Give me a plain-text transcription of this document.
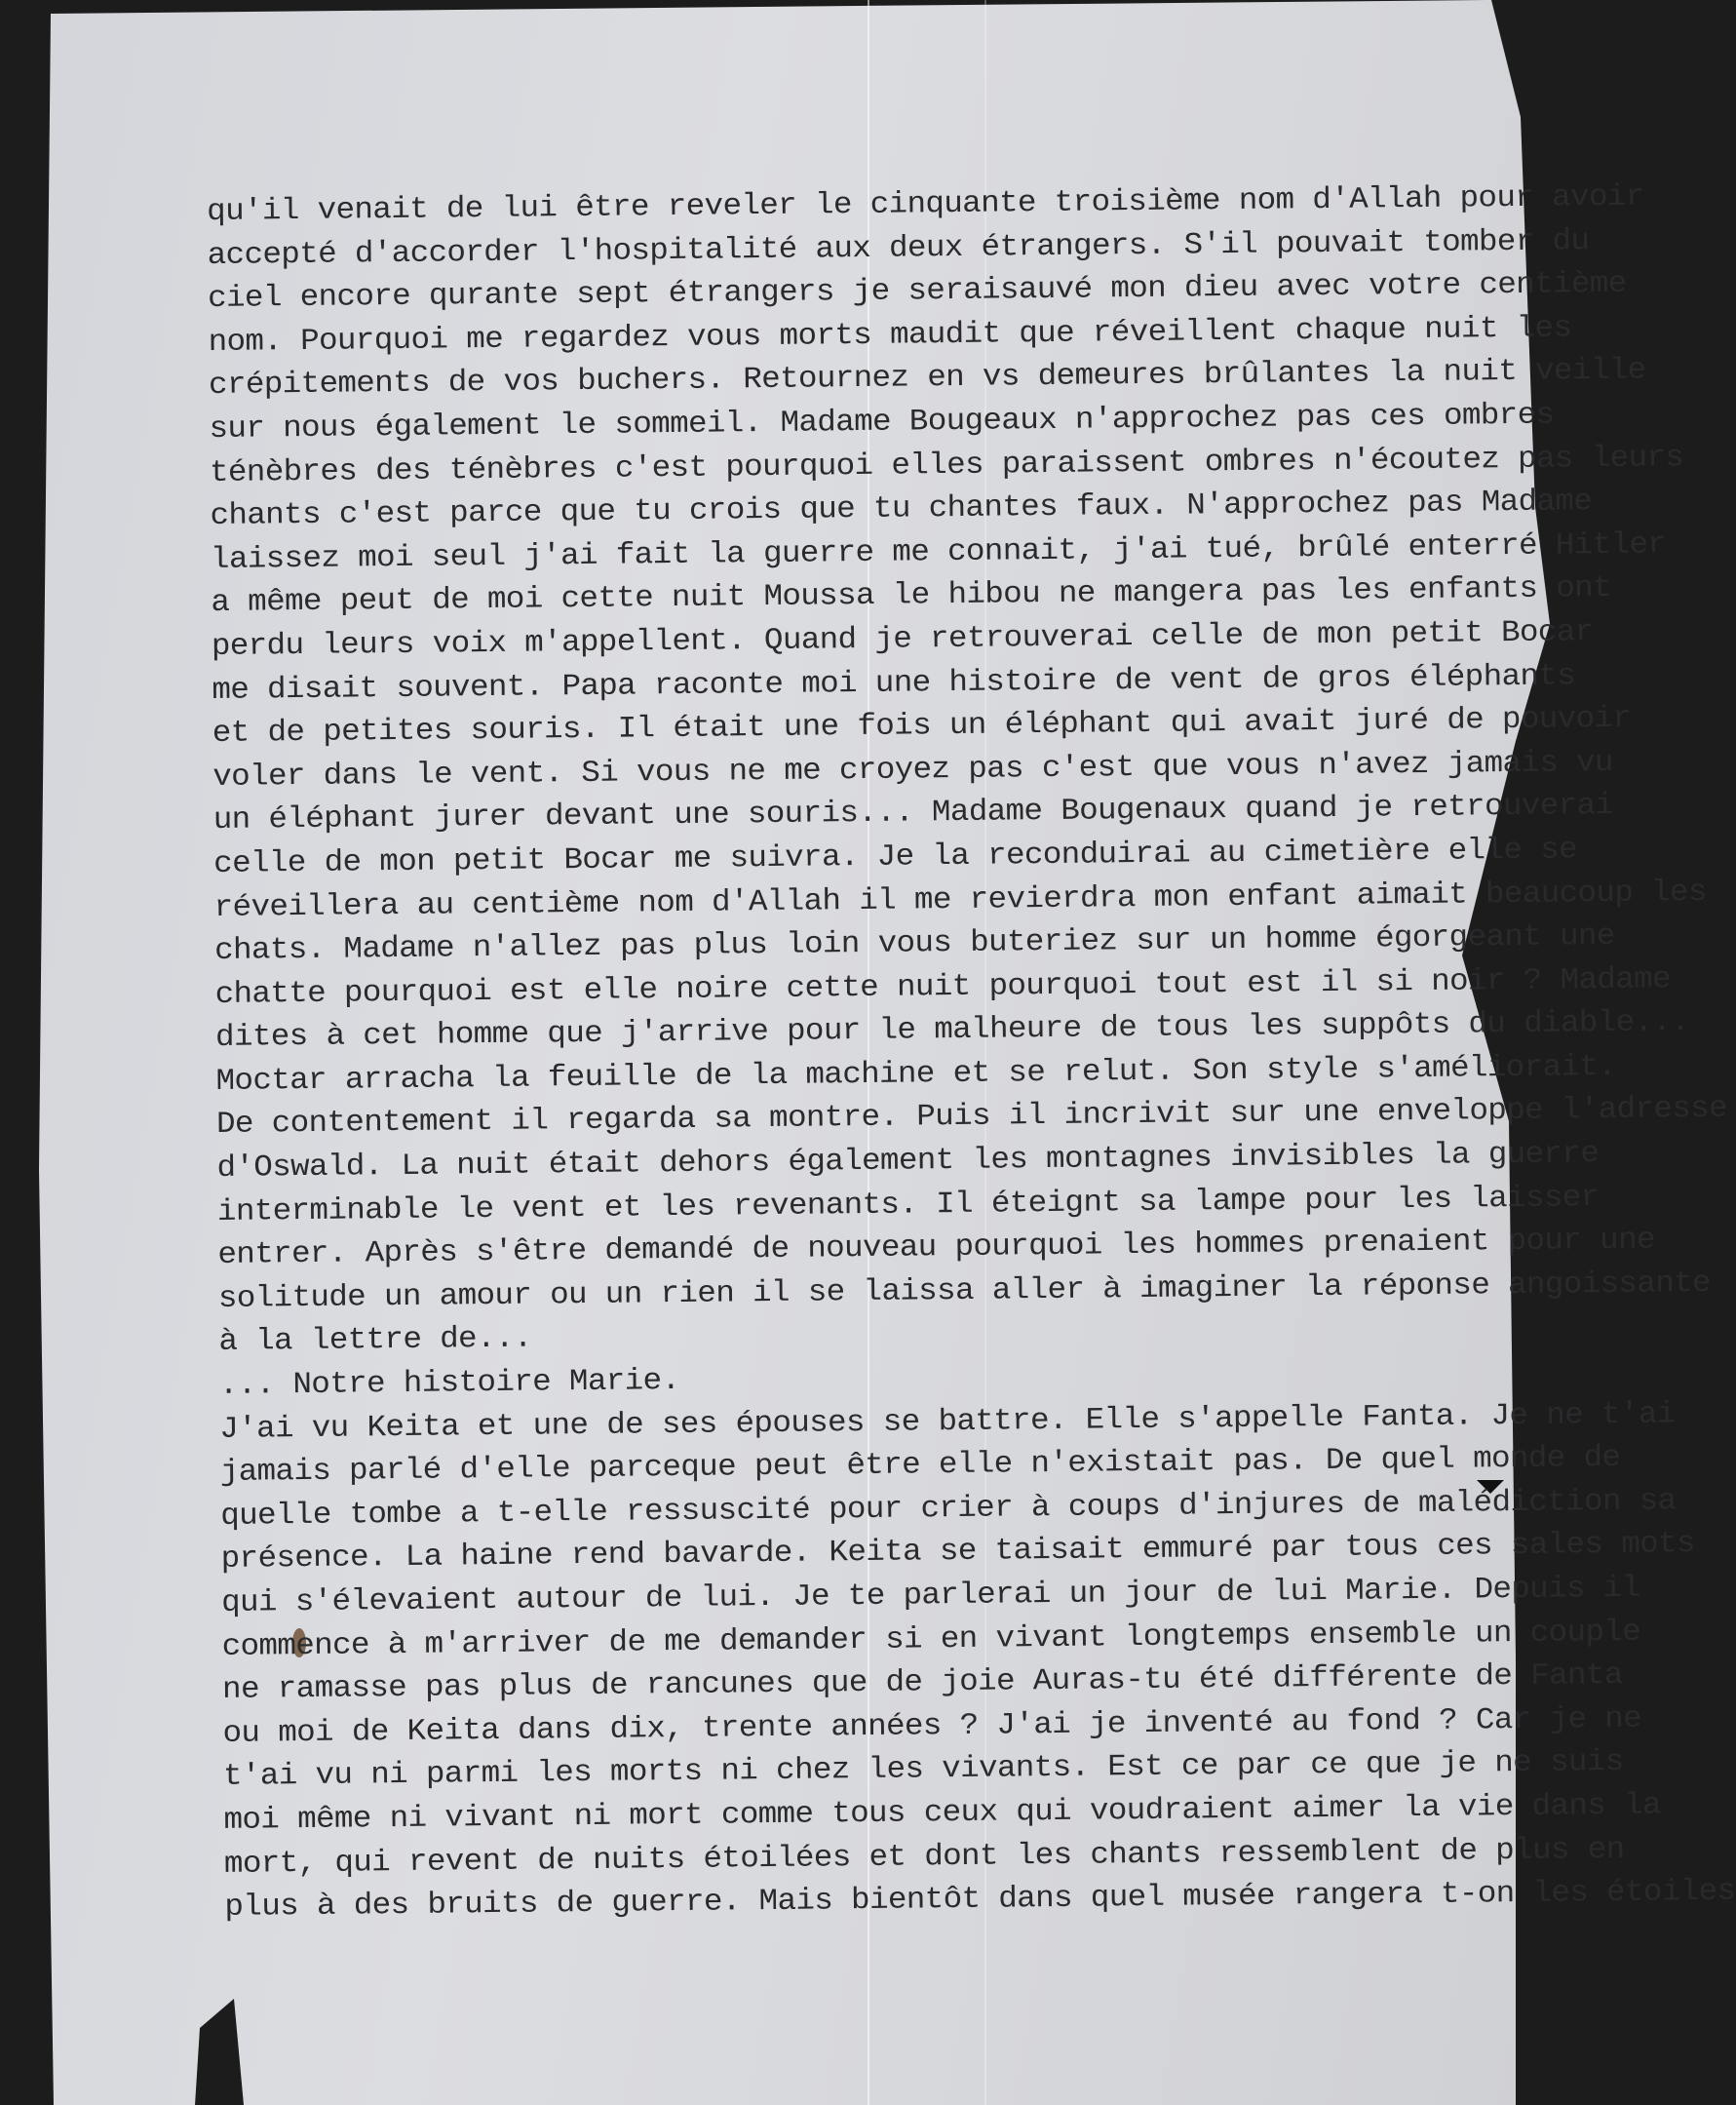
qu'il venait de lui être reveler le cinquante troisième nom d'Allah pour avoir
accepté d'accorder l'hospitalité aux deux étrangers. S'il pouvait tomber du
ciel encore qurante sept étrangers je seraisauvé mon dieu avec votre centième
nom. Pourquoi me regardez vous morts maudit que réveillent chaque nuit les
crépitements de vos buchers. Retournez en vs demeures brûlantes la nuit veille
sur nous également le sommeil. Madame Bougeaux n'approchez pas ces ombres
ténèbres des ténèbres c'est pourquoi elles paraissent ombres n'écoutez pas leurs
chants c'est parce que tu crois que tu chantes faux. N'approchez pas Madame
laissez moi seul j'ai fait la guerre me connait, j'ai tué, brûlé enterré Hitler
a même peut de moi cette nuit Moussa le hibou ne mangera pas les enfants ont
perdu leurs voix m'appellent. Quand je retrouverai celle de mon petit Bocar
me disait souvent. Papa raconte moi une histoire de vent de gros éléphants
et de petites souris. Il était une fois un éléphant qui avait juré de pouvoir
voler dans le vent. Si vous ne me croyez pas c'est que vous n'avez jamais vu
un éléphant jurer devant une souris... Madame Bougenaux quand je retrouverai
celle de mon petit Bocar me suivra. Je la reconduirai au cimetière elle se
réveillera au centième nom d'Allah il me revierdra mon enfant aimait beaucoup les
chats. Madame n'allez pas plus loin vous buteriez sur un homme égorgeant une
chatte pourquoi est elle noire cette nuit pourquoi tout est il si noir ? Madame
dites à cet homme que j'arrive pour le malheure de tous les suppôts du diable...
Moctar arracha la feuille de la machine et se relut. Son style s'améliorait.
De contentement il regarda sa montre. Puis il incrivit sur une enveloppe l'adresse
d'Oswald. La nuit était dehors également les montagnes invisibles la guerre
interminable le vent et les revenants. Il éteignt sa lampe pour les laisser
entrer. Après s'être demandé de nouveau pourquoi les hommes prenaient pour une
solitude un amour ou un rien il se laissa aller à imaginer la réponse angoissante
à la lettre de...
... Notre histoire Marie.
J'ai vu Keita et une de ses épouses se battre. Elle s'appelle Fanta. Je ne t'ai
jamais parlé d'elle parceque peut être elle n'existait pas. De quel monde de
quelle tombe a t-elle ressuscité pour crier à coups d'injures de malédiction sa
présence. La haine rend bavarde. Keita se taisait emmuré par tous ces sales mots
qui s'élevaient autour de lui. Je te parlerai un jour de lui Marie. Depuis il
commence à m'arriver de me demander si en vivant longtemps ensemble un couple
ne ramasse pas plus de rancunes que de joie Auras-tu été différente de Fanta
ou moi de Keita dans dix, trente années ? J'ai je inventé au fond ? Car je ne
t'ai vu ni parmi les morts ni chez les vivants. Est ce par ce que je ne suis
moi même ni vivant ni mort comme tous ceux qui voudraient aimer la vie dans la
mort, qui revent de nuits étoilées et dont les chants ressemblent de plus en
plus à des bruits de guerre. Mais bientôt dans quel musée rangera t-on les étoiles
